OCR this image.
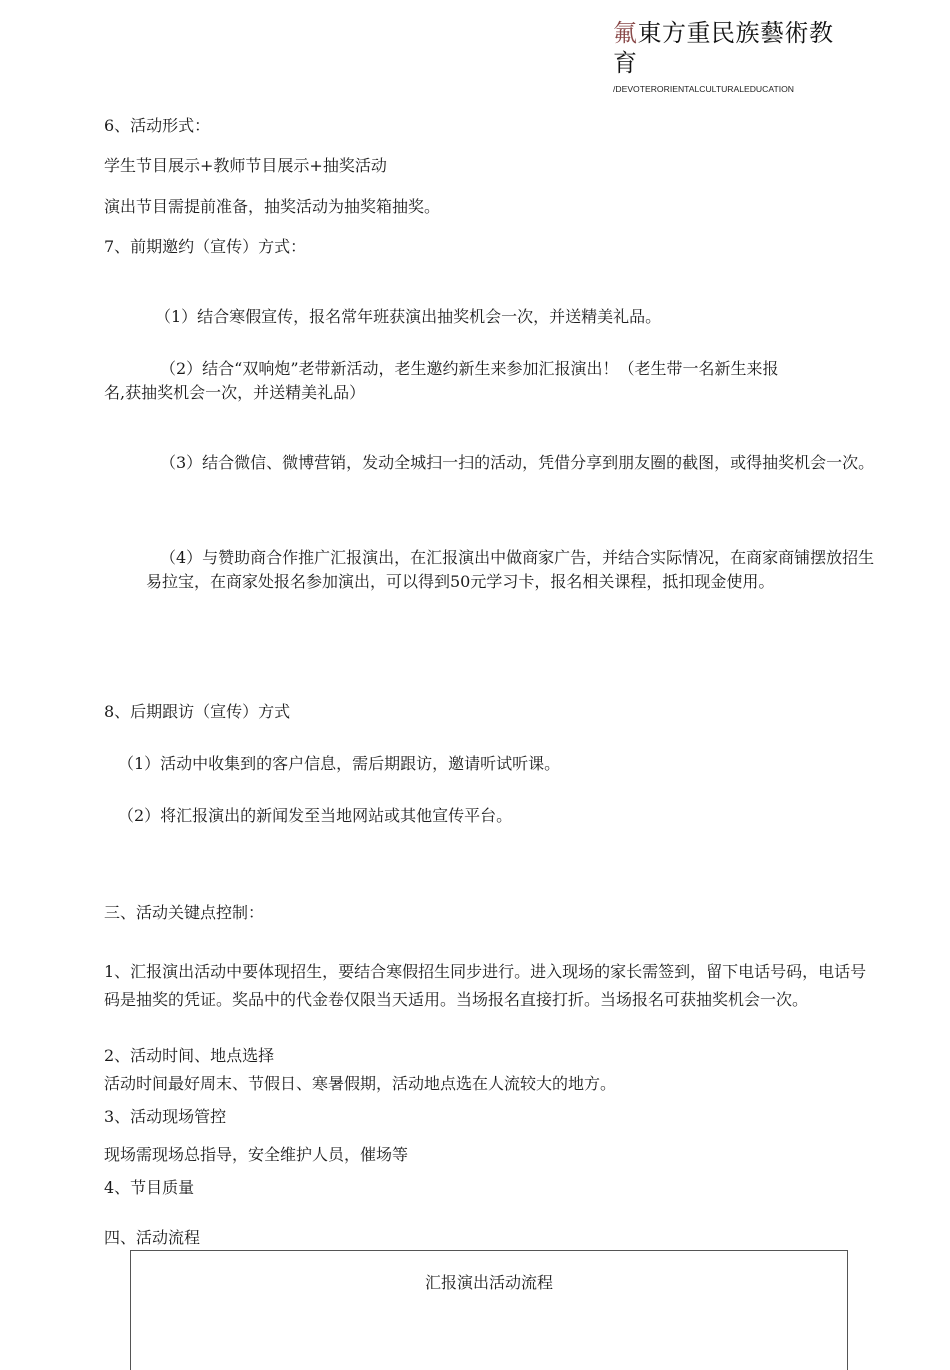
氟東方重民族藝術教育
/DEVOTERORIENTALCULTURALEDUCATION
6、活动形式：
学生节目展示+教师节目展示+抽奖活动
演出节目需提前准备，抽奖活动为抽奖箱抽奖。
7、前期邀约（宣传）方式：
（1）结合寒假宣传，报名常年班获演出抽奖机会一次，并送精美礼品。
（2）结合“双响炮”老带新活动，老生邀约新生来参加汇报演出！（老生带一名新生来报
名,获抽奖机会一次，并送精美礼品）
（3）结合微信、微博营销，发动全城扫一扫的活动，凭借分享到朋友圈的截图，或得抽奖机会一次。
（4）与赞助商合作推广汇报演出，在汇报演出中做商家广告，并结合实际情况，在商家商铺摆放招生易拉宝，在商家处报名参加演出，可以得到50元学习卡，报名相关课程，抵扣现金使用。
8、后期跟访（宣传）方式
（1）活动中收集到的客户信息，需后期跟访，邀请听试听课。
（2）将汇报演出的新闻发至当地网站或其他宣传平台。
三、活动关键点控制：
1、汇报演出活动中要体现招生，要结合寒假招生同步进行。进入现场的家长需签到，留下电话号码，电话号码是抽奖的凭证。奖品中的代金卷仅限当天适用。当场报名直接打折。当场报名可获抽奖机会一次。
2、活动时间、地点选择
活动时间最好周末、节假日、寒暑假期，活动地点选在人流较大的地方。
3、活动现场管控
现场需现场总指导，安全维护人员，催场等
4、节目质量
四、活动流程
汇报演出活动流程
